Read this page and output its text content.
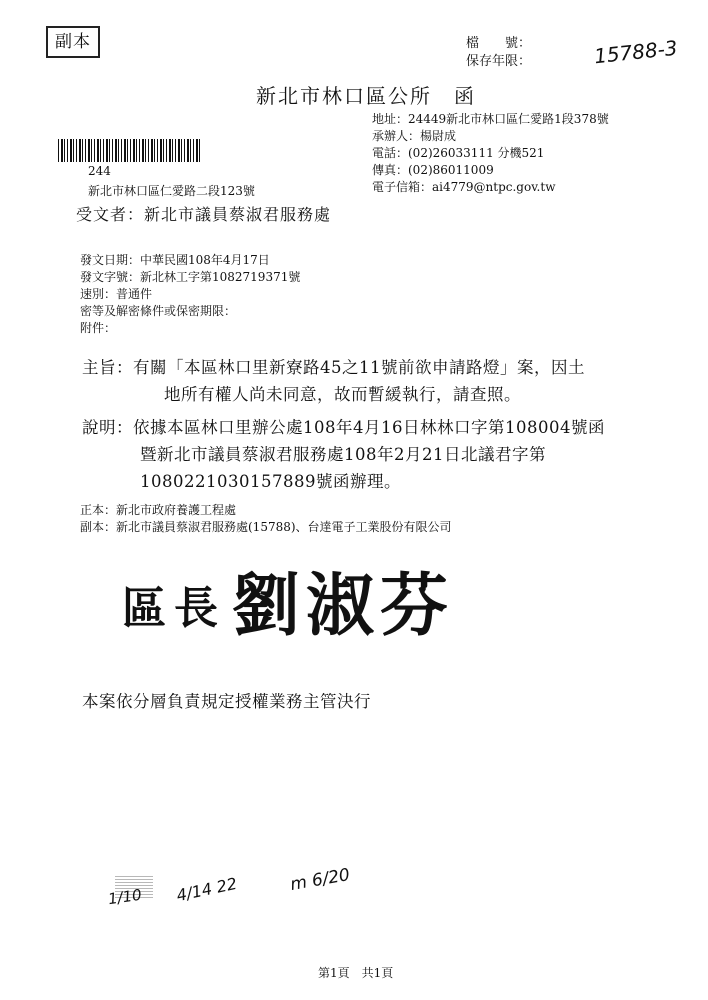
副本	檔　　號：
保存年限：	15788-3
新北市林口區公所　函
地址：24449新北市林口區仁愛路1段378號
承辦人：楊尉成
電話：(02)26033111 分機521
傳真：(02)86011009
電子信箱：ai4779@ntpc.gov.tw
244
新北市林口區仁愛路二段123號
受文者：新北市議員蔡淑君服務處
發文日期：中華民國108年4月17日
發文字號：新北林工字第1082719371號
速別：普通件
密等及解密條件或保密期限：
附件：
主旨：有關「本區林口里新寮路45之11號前欲申請路燈」案，因土
地所有權人尚未同意，故而暫緩執行，請查照。
說明：依據本區林口里辦公處108年4月16日林林口字第108004號函
暨新北市議員蔡淑君服務處108年2月21日北議君字第
1080221030157889號函辦理。
正本：新北市政府養護工程處
副本：新北市議員蔡淑君服務處(15788)、台達電子工業股份有限公司
區長 劉淑芬
本案依分層負責規定授權業務主管決行
1/10 4/14 22	m 6/20
第1頁　共1頁
